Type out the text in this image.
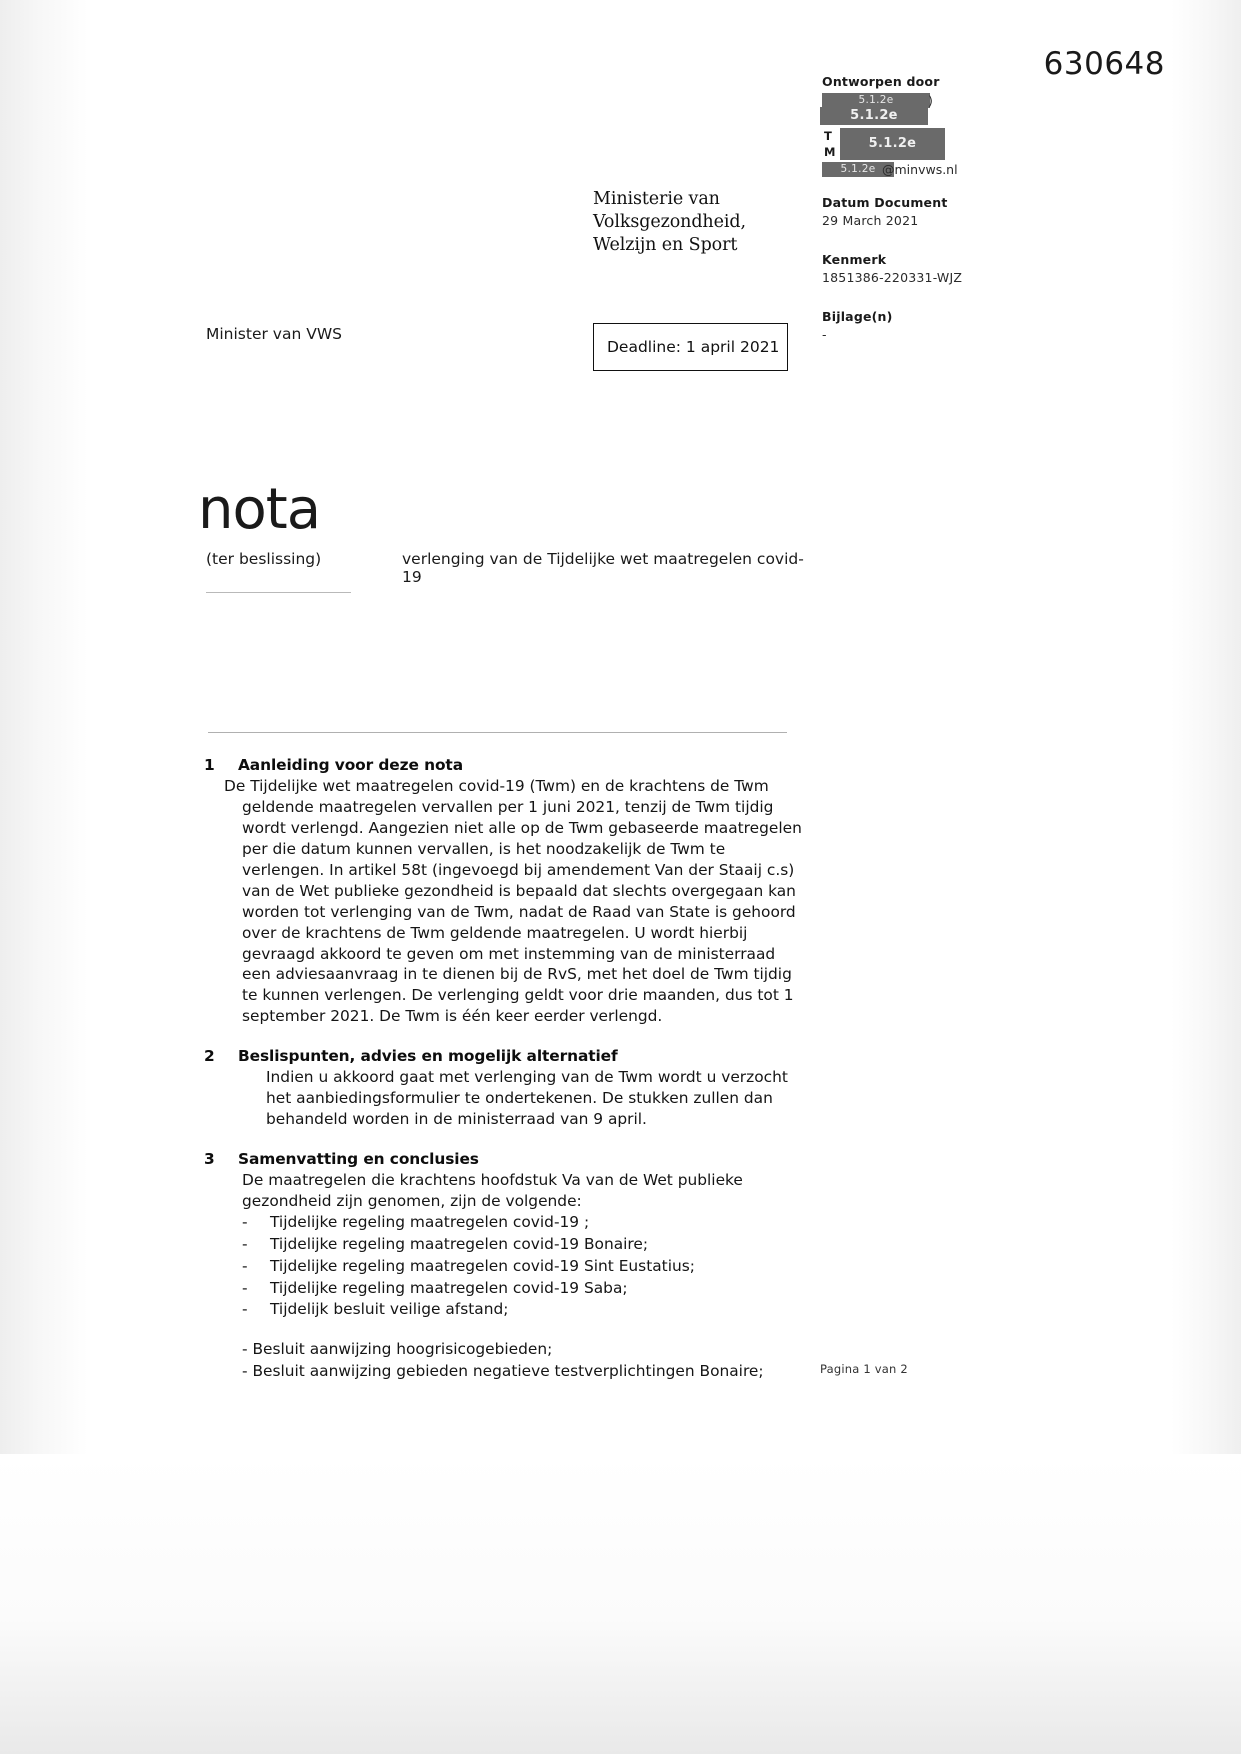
630648
Ontworpen door
5.1.2e
5.1.2e
5.1.2e
5.1.2e
)
T
M
@minvws.nl
Datum Document
29 March 2021
Kenmerk
1851386-220331-WJZ
Bijlage(n)
-
Ministerie van Volksgezondheid,
Welzijn en Sport
Minister van VWS
Deadline: 1 april 2021
nota
(ter beslissing)	verlenging van de Tijdelijke wet maatregelen covid-19
1	Aanleiding voor deze nota
De Tijdelijke wet maatregelen covid-19 (Twm) en de krachtens de Twm geldende maatregelen vervallen per 1 juni 2021, tenzij de Twm tijdig wordt verlengd. Aangezien niet alle op de Twm gebaseerde maatregelen per die datum kunnen vervallen, is het noodzakelijk de Twm te verlengen. In artikel 58t (ingevoegd bij amendement Van der Staaij c.s) van de Wet publieke gezondheid is bepaald dat slechts overgegaan kan worden tot verlenging van de Twm, nadat de Raad van State is gehoord over de krachtens de Twm geldende maatregelen. U wordt hierbij gevraagd akkoord te geven om met instemming van de ministerraad een adviesaanvraag in te dienen bij de RvS, met het doel de Twm tijdig te kunnen verlengen. De verlenging geldt voor drie maanden, dus tot 1 september 2021. De Twm is één keer eerder verlengd.
2	Beslispunten, advies en mogelijk alternatief
Indien u akkoord gaat met verlenging van de Twm wordt u verzocht het aanbiedingsformulier te ondertekenen. De stukken zullen dan behandeld worden in de ministerraad van 9 april.
3	Samenvatting en conclusies
De maatregelen die krachtens hoofdstuk Va van de Wet publieke gezondheid zijn genomen, zijn de volgende:
- Tijdelijke regeling maatregelen covid-19 ;
- Tijdelijke regeling maatregelen covid-19 Bonaire;
- Tijdelijke regeling maatregelen covid-19 Sint Eustatius;
- Tijdelijke regeling maatregelen covid-19 Saba;
- Tijdelijk besluit veilige afstand;
- Besluit aanwijzing hoogrisicogebieden;
- Besluit aanwijzing gebieden negatieve testverplichtingen Bonaire;	Pagina 1 van 2
